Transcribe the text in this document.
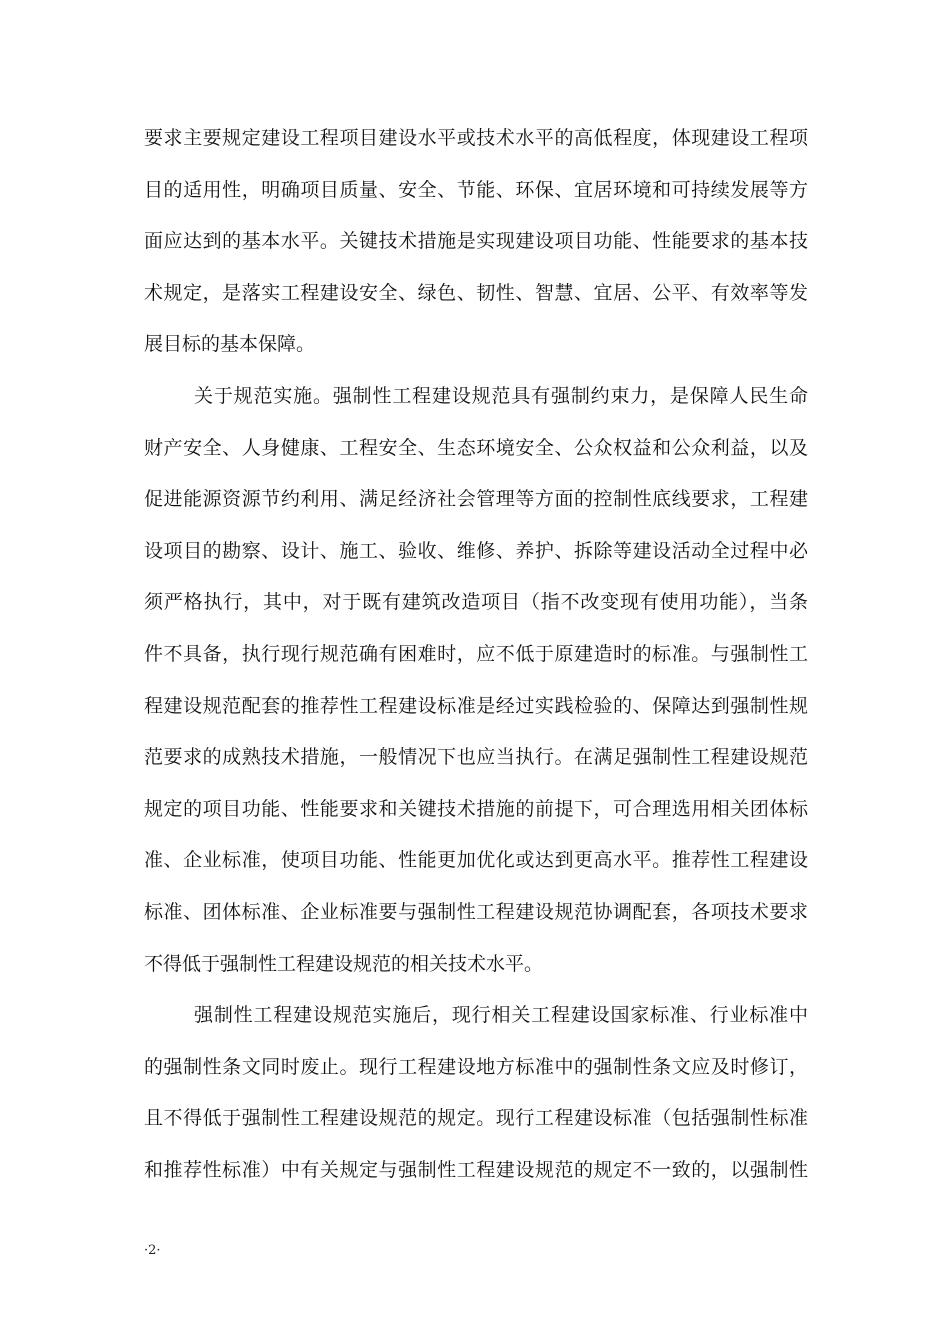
要求主要规定建设工程项目建设水平或技术水平的高低程度，体现建设工程项
目的适用性，明确项目质量、安全、节能、环保、宜居环境和可持续发展等方
面应达到的基本水平。关键技术措施是实现建设项目功能、性能要求的基本技
术规定，是落实工程建设安全、绿色、韧性、智慧、宜居、公平、有效率等发
展目标的基本保障。
关于规范实施。强制性工程建设规范具有强制约束力，是保障人民生命
财产安全、人身健康、工程安全、生态环境安全、公众权益和公众利益，以及
促进能源资源节约利用、满足经济社会管理等方面的控制性底线要求，工程建
设项目的勘察、设计、施工、验收、维修、养护、拆除等建设活动全过程中必
须严格执行，其中，对于既有建筑改造项目（指不改变现有使用功能），当条
件不具备，执行现行规范确有困难时，应不低于原建造时的标准。与强制性工
程建设规范配套的推荐性工程建设标准是经过实践检验的、保障达到强制性规
范要求的成熟技术措施，一般情况下也应当执行。在满足强制性工程建设规范
规定的项目功能、性能要求和关键技术措施的前提下，可合理选用相关团体标
准、企业标准，使项目功能、性能更加优化或达到更高水平。推荐性工程建设
标准、团体标准、企业标准要与强制性工程建设规范协调配套，各项技术要求
不得低于强制性工程建设规范的相关技术水平。
强制性工程建设规范实施后，现行相关工程建设国家标准、行业标准中
的强制性条文同时废止。现行工程建设地方标准中的强制性条文应及时修订，
且不得低于强制性工程建设规范的规定。现行工程建设标准（包括强制性标准
和推荐性标准）中有关规定与强制性工程建设规范的规定不一致的，以强制性
·2·
